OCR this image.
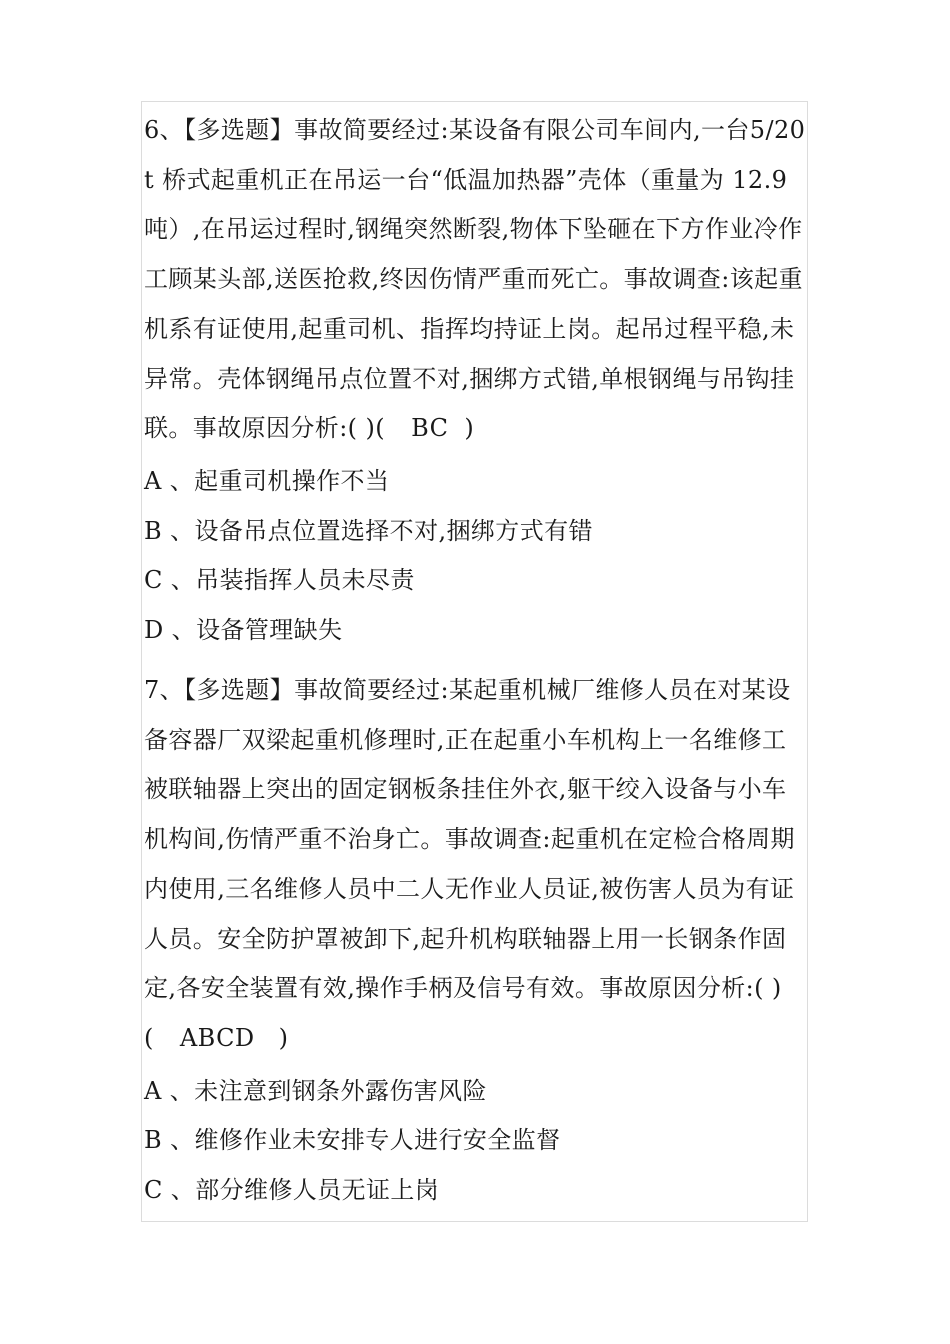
6、【多选题】事故简要经过:某设备有限公司车间内,一台5/20t 桥式起重机正在吊运一台“低温加热器”壳体（重量为 12.9 吨）,在吊运过程时,钢绳突然断裂,物体下坠砸在下方作业冷作工顾某头部,送医抢救,终因伤情严重而死亡。事故调查:该起重机系有证使用,起重司机、指挥均持证上岗。起吊过程平稳,未异常。壳体钢绳吊点位置不对,捆绑方式错,单根钢绳与吊钩挂联。事故原因分析:( )( BC )

A 、起重司机操作不当

B 、设备吊点位置选择不对,捆绑方式有错

C 、吊装指挥人员未尽责

D 、设备管理缺失

7、【多选题】事故简要经过:某起重机械厂维修人员在对某设备容器厂双梁起重机修理时,正在起重小车机构上一名维修工被联轴器上突出的固定钢板条挂住外衣,躯干绞入设备与小车机构间,伤情严重不治身亡。事故调查:起重机在定检合格周期内使用,三名维修人员中二人无作业人员证,被伤害人员为有证人员。安全防护罩被卸下,起升机构联轴器上用一长钢条作固定,各安全装置有效,操作手柄及信号有效。事故原因分析:( )( ABCD )

A 、未注意到钢条外露伤害风险

B 、维修作业未安排专人进行安全监督

C 、部分维修人员无证上岗
